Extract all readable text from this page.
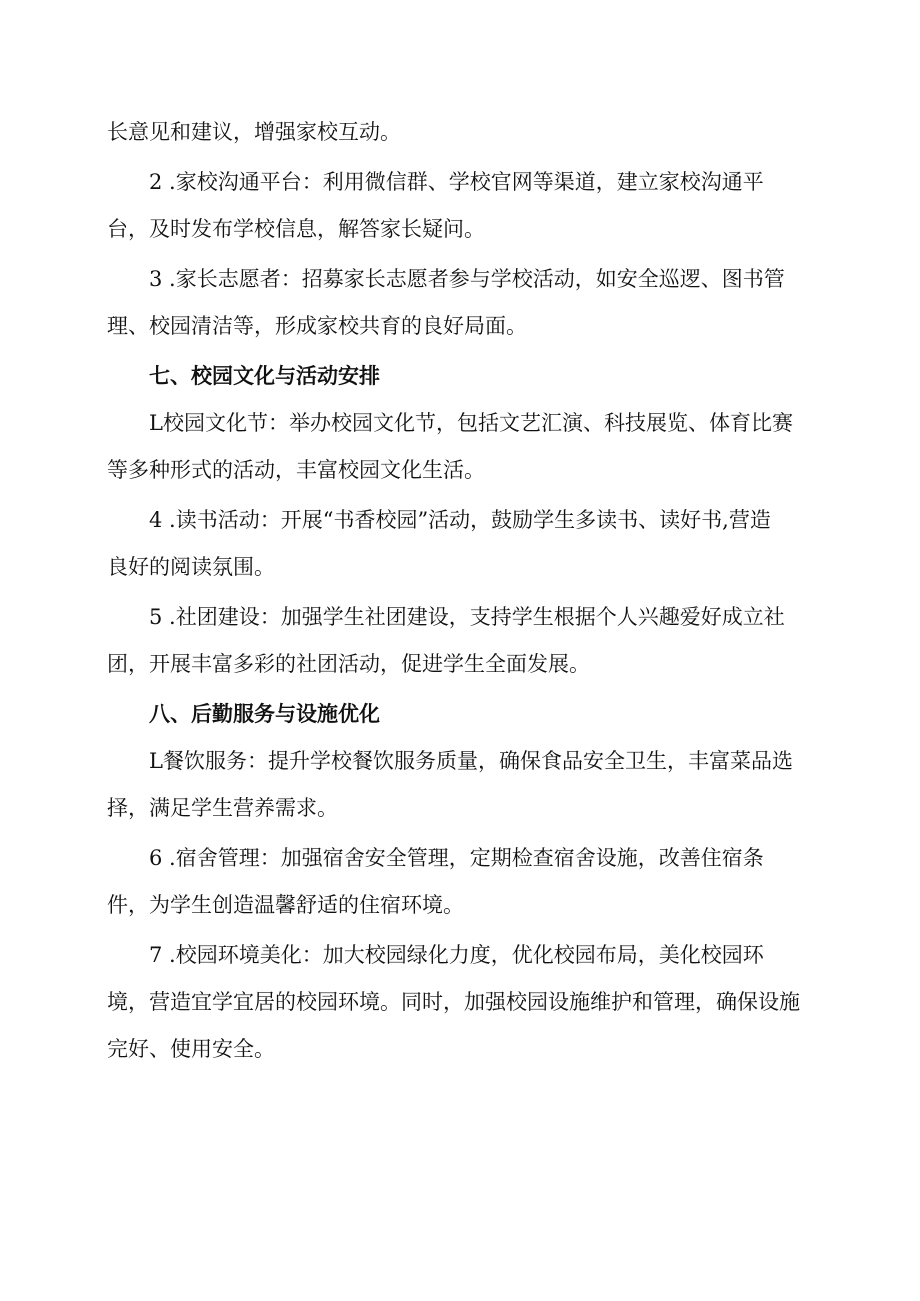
长意见和建议，增强家校互动。
2 .家校沟通平台：利用微信群、学校官网等渠道，建立家校沟通平
台，及时发布学校信息，解答家长疑问。
3 .家长志愿者：招募家长志愿者参与学校活动，如安全巡逻、图书管
理、校园清洁等，形成家校共育的良好局面。
七、校园文化与活动安排
L校园文化节：举办校园文化节，包括文艺汇演、科技展览、体育比赛
等多种形式的活动，丰富校园文化生活。
4 .读书活动：开展“书香校园”活动，鼓励学生多读书、读好书,营造
良好的阅读氛围。
5 .社团建设：加强学生社团建设，支持学生根据个人兴趣爱好成立社
团，开展丰富多彩的社团活动，促进学生全面发展。
八、后勤服务与设施优化
L餐饮服务：提升学校餐饮服务质量，确保食品安全卫生，丰富菜品选
择，满足学生营养需求。
6 .宿舍管理：加强宿舍安全管理，定期检查宿舍设施，改善住宿条
件，为学生创造温馨舒适的住宿环境。
7 .校园环境美化：加大校园绿化力度，优化校园布局，美化校园环
境，营造宜学宜居的校园环境。同时，加强校园设施维护和管理，确保设施
完好、使用安全。
